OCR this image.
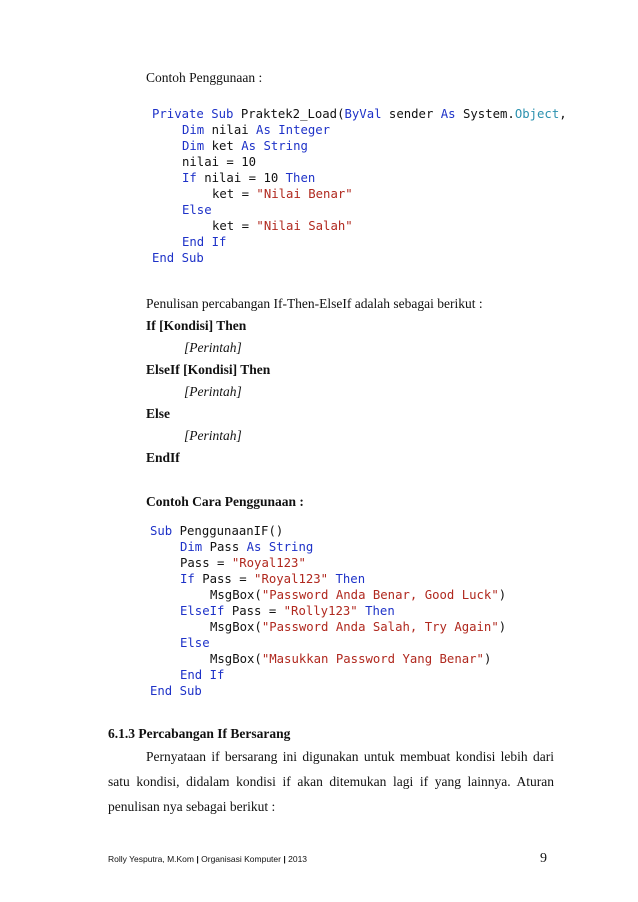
Contoh Penggunaan :
Private Sub Praktek2_Load(ByVal sender As System.Object,
Dim nilai As Integer
Dim ket As String
nilai = 10
If nilai = 10 Then
ket = "Nilai Benar"
Else
ket = "Nilai Salah"
End If
End Sub
Penulisan percabangan If-Then-ElseIf adalah sebagai berikut :
If [Kondisi] Then
[Perintah]
ElseIf [Kondisi] Then
[Perintah]
Else
[Perintah]
EndIf
Contoh Cara Penggunaan :
Sub PenggunaanIF()
Dim Pass As String
Pass = "Royal123"
If Pass = "Royal123" Then
MsgBox("Password Anda Benar, Good Luck")
ElseIf Pass = "Rolly123" Then
MsgBox("Password Anda Salah, Try Again")
Else
MsgBox("Masukkan Password Yang Benar")
End If
End Sub
6.1.3 Percabangan If Bersarang
Pernyataan if bersarang ini digunakan untuk membuat kondisi lebih dari satu kondisi, didalam kondisi if akan ditemukan lagi if yang lainnya. Aturan penulisan nya sebagai berikut :
Rolly Yesputra, M.Kom | Organisasi Komputer | 2013	9
